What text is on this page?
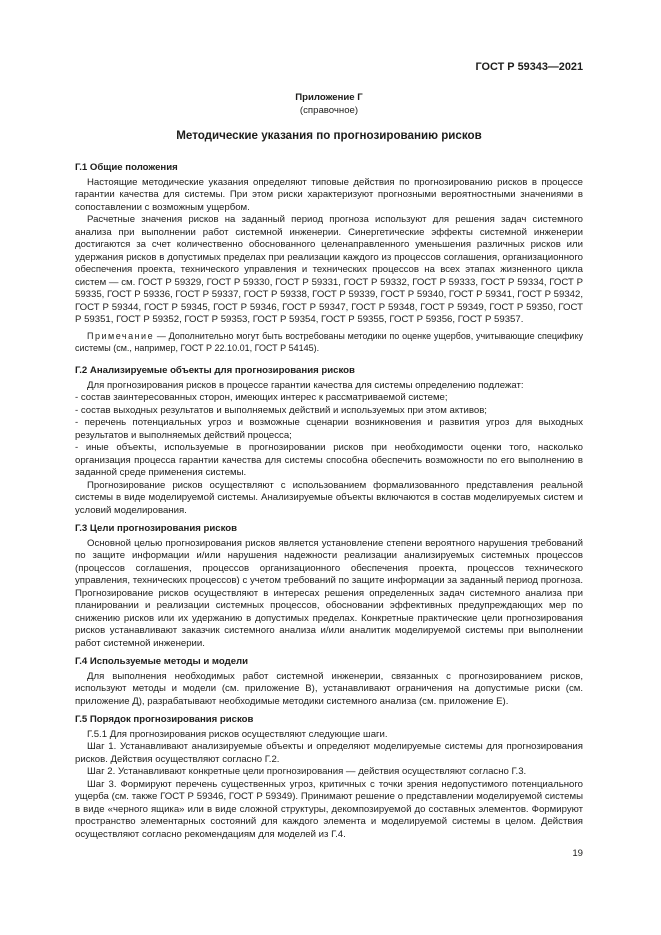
ГОСТ Р 59343—2021
Приложение Г
(справочное)
Методические указания по прогнозированию рисков
Г.1 Общие положения

Настоящие методические указания определяют типовые действия по прогнозированию рисков в процессе гарантии качества для системы. При этом риски характеризуют прогнозными вероятностными значениями в сопоставлении с возможным ущербом.

Расчетные значения рисков на заданный период прогноза используют для решения задач системного анализа при выполнении работ системной инженерии. Синергетические эффекты системной инженерии достигаются за счет количественно обоснованного целенаправленного уменьшения различных рисков или удержания рисков в допустимых пределах при реализации каждого из процессов соглашения, организационного обеспечения проекта, технического управления и технических процессов на всех этапах жизненного цикла систем — см. ГОСТ Р 59329, ГОСТ Р 59330, ГОСТ Р 59331, ГОСТ Р 59332, ГОСТ Р 59333, ГОСТ Р 59334, ГОСТ Р 59335, ГОСТ Р 59336, ГОСТ Р 59337, ГОСТ Р 59338, ГОСТ Р 59339, ГОСТ Р 59340, ГОСТ Р 59341, ГОСТ Р 59342, ГОСТ Р 59344, ГОСТ Р 59345, ГОСТ Р 59346, ГОСТ Р 59347, ГОСТ Р 59348, ГОСТ Р 59349, ГОСТ Р 59350, ГОСТ Р 59351, ГОСТ Р 59352, ГОСТ Р 59353, ГОСТ Р 59354, ГОСТ Р 59355, ГОСТ Р 59356, ГОСТ Р 59357.

Примечание — Дополнительно могут быть востребованы методики по оценке ущербов, учитывающие специфику системы (см., например, ГОСТ Р 22.10.01, ГОСТ Р 54145).

Г.2 Анализируемые объекты для прогнозирования рисков

Для прогнозирования рисков в процессе гарантии качества для системы определению подлежат:

- состав заинтересованных сторон, имеющих интерес к рассматриваемой системе;

- состав выходных результатов и выполняемых действий и используемых при этом активов;

- перечень потенциальных угроз и возможные сценарии возникновения и развития угроз для выходных результатов и выполняемых действий процесса;

- иные объекты, используемые в прогнозировании рисков при необходимости оценки того, насколько организация процесса гарантии качества для системы способна обеспечить возможности по его выполнению в заданной среде применения системы.

Прогнозирование рисков осуществляют с использованием формализованного представления реальной системы в виде моделируемой системы. Анализируемые объекты включаются в состав моделируемых систем и условий моделирования.

Г.3 Цели прогнозирования рисков

Основной целью прогнозирования рисков является установление степени вероятного нарушения требований по защите информации и/или нарушения надежности реализации анализируемых системных процессов (процессов соглашения, процессов организационного обеспечения проекта, процессов технического управления, технических процессов) с учетом требований по защите информации за заданный период прогноза. Прогнозирование рисков осуществляют в интересах решения определенных задач системного анализа при планировании и реализации системных процессов, обосновании эффективных предупреждающих мер по снижению рисков или их удержанию в допустимых пределах. Конкретные практические цели прогнозирования рисков устанавливают заказчик системного анализа и/или аналитик моделируемой системы при выполнении работ системной инженерии.

Г.4 Используемые методы и модели

Для выполнения необходимых работ системной инженерии, связанных с прогнозированием рисков, используют методы и модели (см. приложение В), устанавливают ограничения на допустимые риски (см. приложение Д), разрабатывают необходимые методики системного анализа (см. приложение Е).

Г.5 Порядок прогнозирования рисков

Г.5.1 Для прогнозирования рисков осуществляют следующие шаги.

Шаг 1. Устанавливают анализируемые объекты и определяют моделируемые системы для прогнозирования рисков. Действия осуществляют согласно Г.2.

Шаг 2. Устанавливают конкретные цели прогнозирования — действия осуществляют согласно Г.3.

Шаг 3. Формируют перечень существенных угроз, критичных с точки зрения недопустимого потенциального ущерба (см. также ГОСТ Р 59346, ГОСТ Р 59349). Принимают решение о представлении моделируемой системы в виде «черного ящика» или в виде сложной структуры, декомпозируемой до составных элементов. Формируют пространство элементарных состояний для каждого элемента и моделируемой системы в целом. Действия осуществляют согласно рекомендациям для моделей из Г.4.

19
